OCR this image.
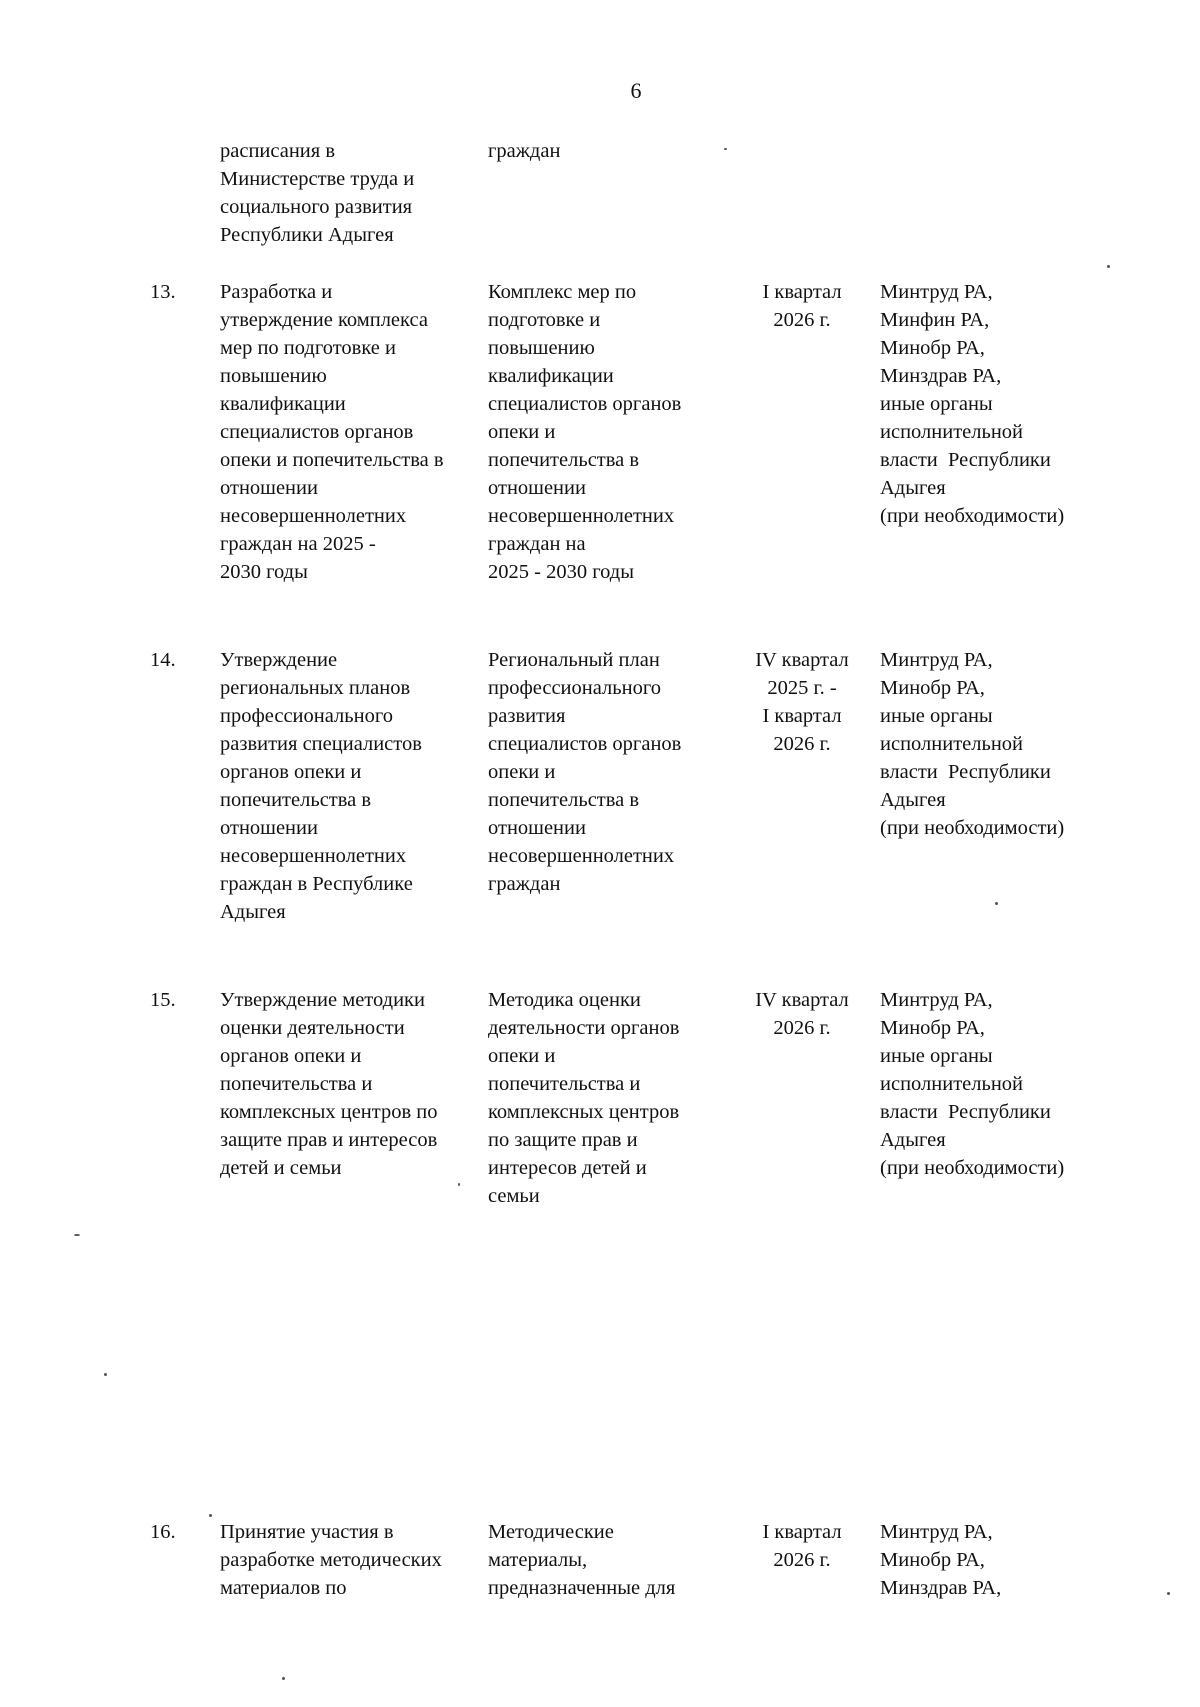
6
расписания в
Министерстве труда и
социального развития
Республики Адыгея
граждан
13. Разработка и
утверждение комплекса
мер по подготовке и
повышению
квалификации
специалистов органов
опеки и попечительства в
отношении
несовершеннолетних
граждан на 2025 -
2030 годы
Комплекс мер по
подготовке и
повышению
квалификации
специалистов органов
опеки и
попечительства в
отношении
несовершеннолетних
граждан на
2025 - 2030 годы
I квартал
2026 г.
Минтруд РА,
Минфин РА,
Минобр РА,
Минздрав РА,
иные органы
исполнительной
власти  Республики
Адыгея
(при необходимости)
14. Утверждение
региональных планов
профессионального
развития специалистов
органов опеки и
попечительства в
отношении
несовершеннолетних
граждан в Республике
Адыгея
Региональный план
профессионального
развития
специалистов органов
опеки и
попечительства в
отношении
несовершеннолетних
граждан
IV квартал
2025 г. -
I квартал
2026 г.
Минтруд РА,
Минобр РА,
иные органы
исполнительной
власти  Республики
Адыгея
(при необходимости)
15. Утверждение методики
оценки деятельности
органов опеки и
попечительства и
комплексных центров по
защите прав и интересов
детей и семьи
Методика оценки
деятельности органов
опеки и
попечительства и
комплексных центров
по защите прав и
интересов детей и
семьи
IV квартал
2026 г.
Минтруд РА,
Минобр РА,
иные органы
исполнительной
власти  Республики
Адыгея
(при необходимости)
16. Принятие участия в
разработке методических
материалов по
Методические
материалы,
предназначенные для
I квартал
2026 г.
Минтруд РА,
Минобр РА,
Минздрав РА,
